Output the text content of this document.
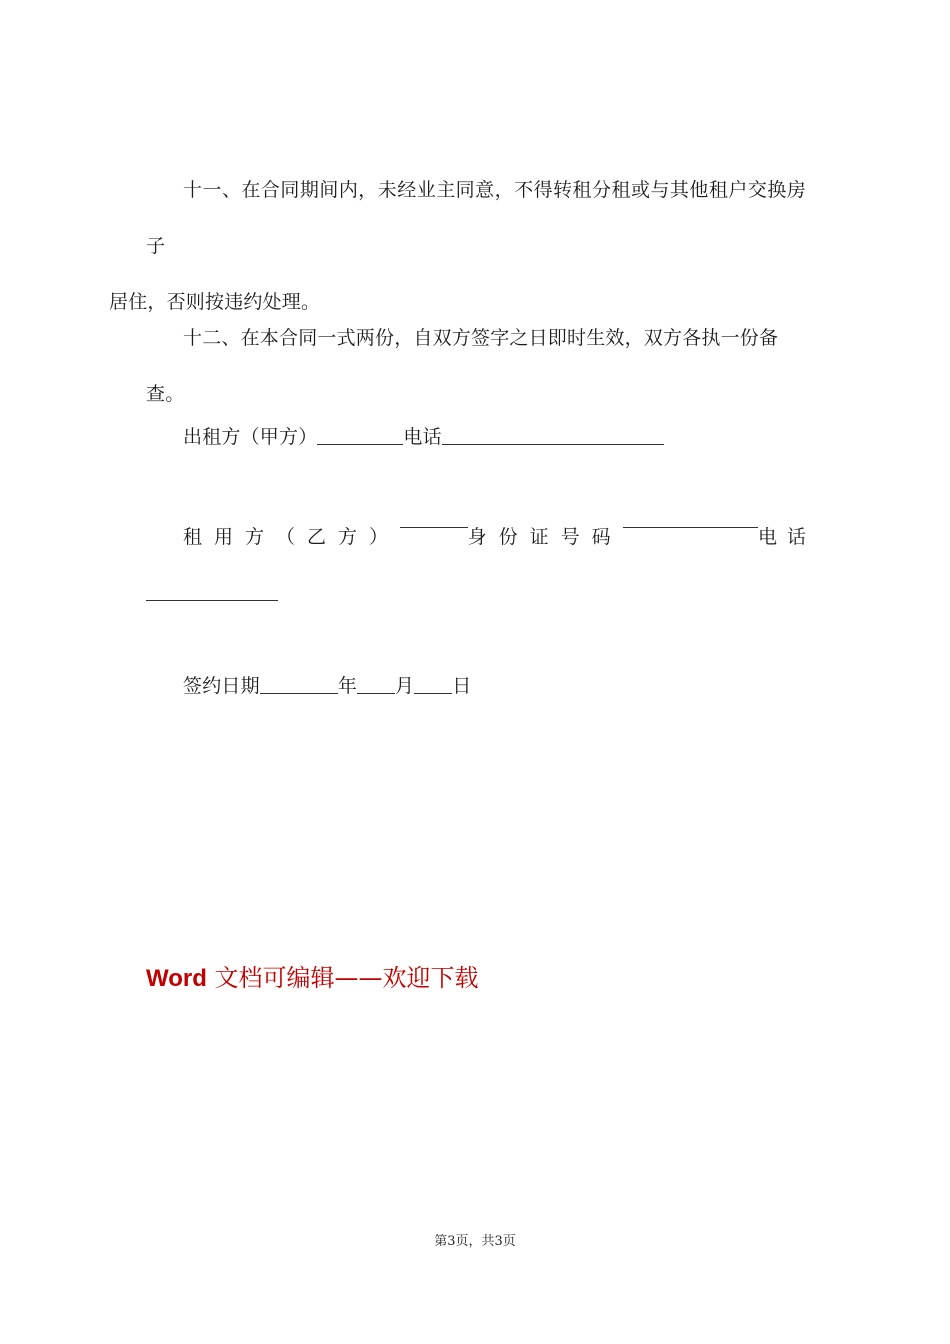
十一、在合同期间内，未经业主同意，不得转租分租或与其他租户交换房子
居住，否则按违约处理。
十二、在本合同一式两份，自双方签字之日即时生效，双方各执一份备查。
出租方（甲方）	电话
租用方（乙方）	身份证号码	电话
签约日期	年 月 日
Word 文档可编辑——欢迎下载
第3页，共3页
